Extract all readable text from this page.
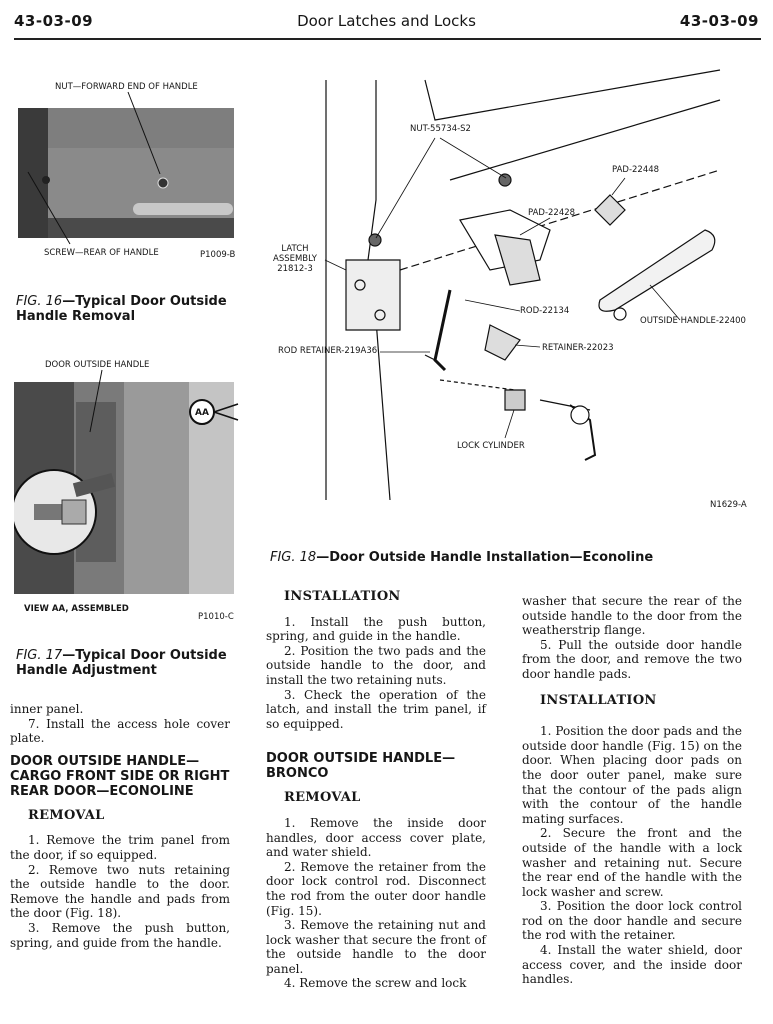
43-03-09	Door Latches and Locks	43-03-09
NUT—FORWARD END OF HANDLE
SCREW—REAR OF HANDLE	P1009-B
FIG. 16—Typical Door Outside Handle Removal
DOOR OUTSIDE HANDLE
AA
VIEW AA, ASSEMBLED
P1010-C
FIG. 17—Typical Door Outside Handle Adjustment
NUT-55734-S2
PAD-22448
PAD-22428
LATCH
ASSEMBLY
21812-3
ROD-22134
OUTSIDE HANDLE-22400
ROD RETAINER-219A36	RETAINER-22023
LOCK CYLINDER
N1629-A
FIG. 18—Door Outside Handle Installation—Econoline

inner panel.

7. Install the access hole cover plate.

DOOR OUTSIDE HANDLE—CARGO FRONT SIDE OR RIGHT REAR DOOR—ECONOLINE
REMOVAL

1. Remove the trim panel from the door, if so equipped.

2. Remove two nuts retaining the outside handle to the door. Remove the handle and pads from the door (Fig. 18).

3. Remove the push button, spring, and guide from the handle.

INSTALLATION

1. Install the push button, spring, and guide in the handle.

2. Position the two pads and the outside handle to the door, and install the two retaining nuts.

3. Check the operation of the latch, and install the trim panel, if so equipped.

DOOR OUTSIDE HANDLE—BRONCO
REMOVAL

1. Remove the inside door handles, door access cover plate, and water shield.

2. Remove the retainer from the door lock control rod. Disconnect the rod from the outer door handle (Fig. 15).

3. Remove the retaining nut and lock washer that secure the front of the outside handle to the door panel.

4. Remove the screw and lock

washer that secure the rear of the outside handle to the door from the weatherstrip flange.

5. Pull the outside door handle from the door, and remove the two door handle pads.

INSTALLATION

1. Position the door pads and the outside door handle (Fig. 15) on the door. When placing door pads on the door outer panel, make sure that the contour of the pads align with the contour of the handle mating surfaces.

2. Secure the front and the outside of the handle with a lock washer and retaining nut. Secure the rear end of the handle with the lock washer and screw.

3. Position the door lock control rod on the door handle and secure the rod with the retainer.

4. Install the water shield, door access cover, and the inside door handles.
